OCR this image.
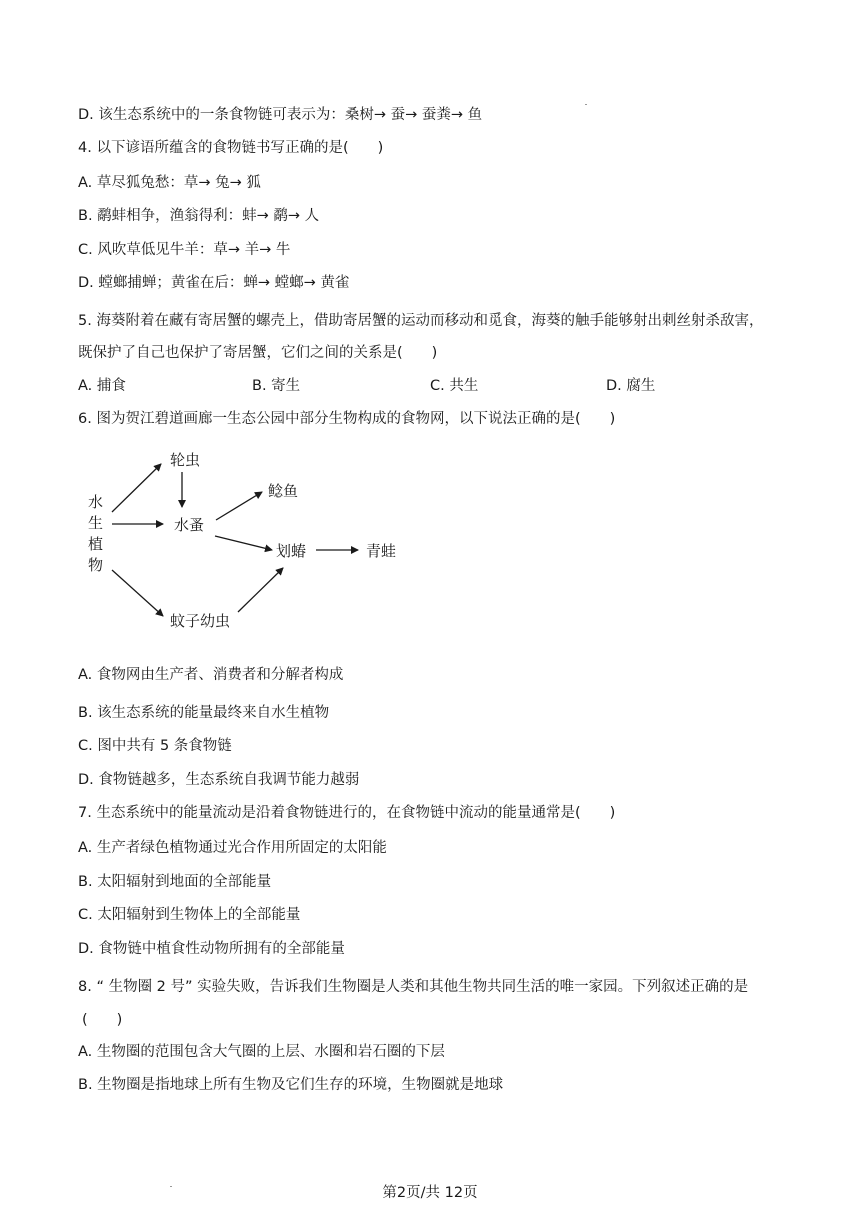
D. 该生态系统中的一条食物链可表示为：桑树→ 蚕→ 蚕粪→ 鱼
4. 以下谚语所蕴含的食物链书写正确的是(　　)
A. 草尽狐兔愁：草→ 兔→ 狐
B. 鹬蚌相争，渔翁得利：蚌→ 鹬→ 人
C. 风吹草低见牛羊：草→ 羊→ 牛
D. 螳螂捕蝉；黄雀在后：蝉→ 螳螂→ 黄雀
5. 海葵附着在藏有寄居蟹的螺壳上，借助寄居蟹的运动而移动和觅食，海葵的触手能够射出刺丝射杀敌害，
既保护了自己也保护了寄居蟹，它们之间的关系是(　　)
A. 捕食	B. 寄生	C. 共生	D. 腐生
6. 图为贺江碧道画廊一生态公园中部分生物构成的食物网，以下说法正确的是(　　)
水
生
植
物
轮虫
水蚤
鲶鱼
划蝽	青蛙
蚊子幼虫
A. 食物网由生产者、消费者和分解者构成
B. 该生态系统的能量最终来自水生植物
C. 图中共有 5 条食物链
D. 食物链越多，生态系统自我调节能力越弱
7. 生态系统中的能量流动是沿着食物链进行的，在食物链中流动的能量通常是(　　)
A. 生产者绿色植物通过光合作用所固定的太阳能
B. 太阳辐射到地面的全部能量
C. 太阳辐射到生物体上的全部能量
D. 食物链中植食性动物所拥有的全部能量
8. “ 生物圈 2 号” 实验失败，告诉我们生物圈是人类和其他生物共同生活的唯一家园。下列叙述正确的是
(　　)
A. 生物圈的范围包含大气圈的上层、水圈和岩石圈的下层
B. 生物圈是指地球上所有生物及它们生存的环境，生物圈就是地球
第2页/共 12页
